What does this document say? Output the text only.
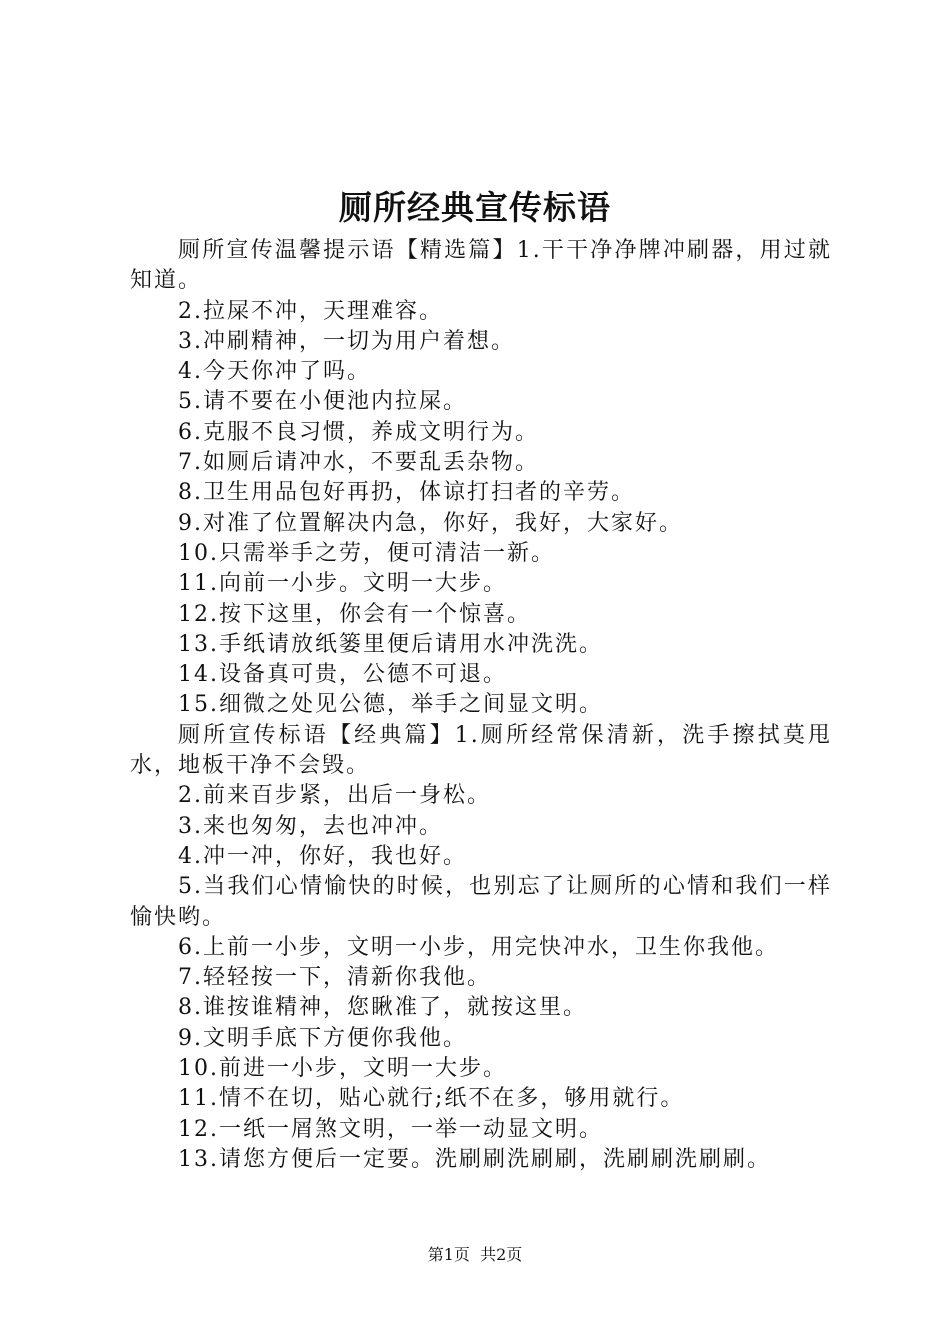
厕所经典宣传标语

厕所宣传温馨提示语【精选篇】1.干干净净牌冲刷器，用过就知道。

2.拉屎不冲，天理难容。

3.冲刷精神，一切为用户着想。

4.今天你冲了吗。

5.请不要在小便池内拉屎。

6.克服不良习惯，养成文明行为。

7.如厕后请冲水，不要乱丢杂物。

8.卫生用品包好再扔，体谅打扫者的辛劳。

9.对准了位置解决内急，你好，我好，大家好。

10.只需举手之劳，便可清洁一新。

11.向前一小步。文明一大步。

12.按下这里，你会有一个惊喜。

13.手纸请放纸篓里便后请用水冲洗洗。

14.设备真可贵，公德不可退。

15.细微之处见公德，举手之间显文明。

厕所宣传标语【经典篇】1.厕所经常保清新，洗手擦拭莫甩水，地板干净不会毁。

2.前来百步紧，出后一身松。

3.来也匆匆，去也冲冲。

4.冲一冲，你好，我也好。

5.当我们心情愉快的时候，也别忘了让厕所的心情和我们一样愉快哟。

6.上前一小步，文明一小步，用完快冲水，卫生你我他。

7.轻轻按一下，清新你我他。

8.谁按谁精神，您瞅准了，就按这里。

9.文明手底下方便你我他。

10.前进一小步，文明一大步。

11.情不在切，贴心就行;纸不在多，够用就行。

12.一纸一屑煞文明，一举一动显文明。

13.请您方便后一定要。洗刷刷洗刷刷，洗刷刷洗刷刷。

第1页  共2页
